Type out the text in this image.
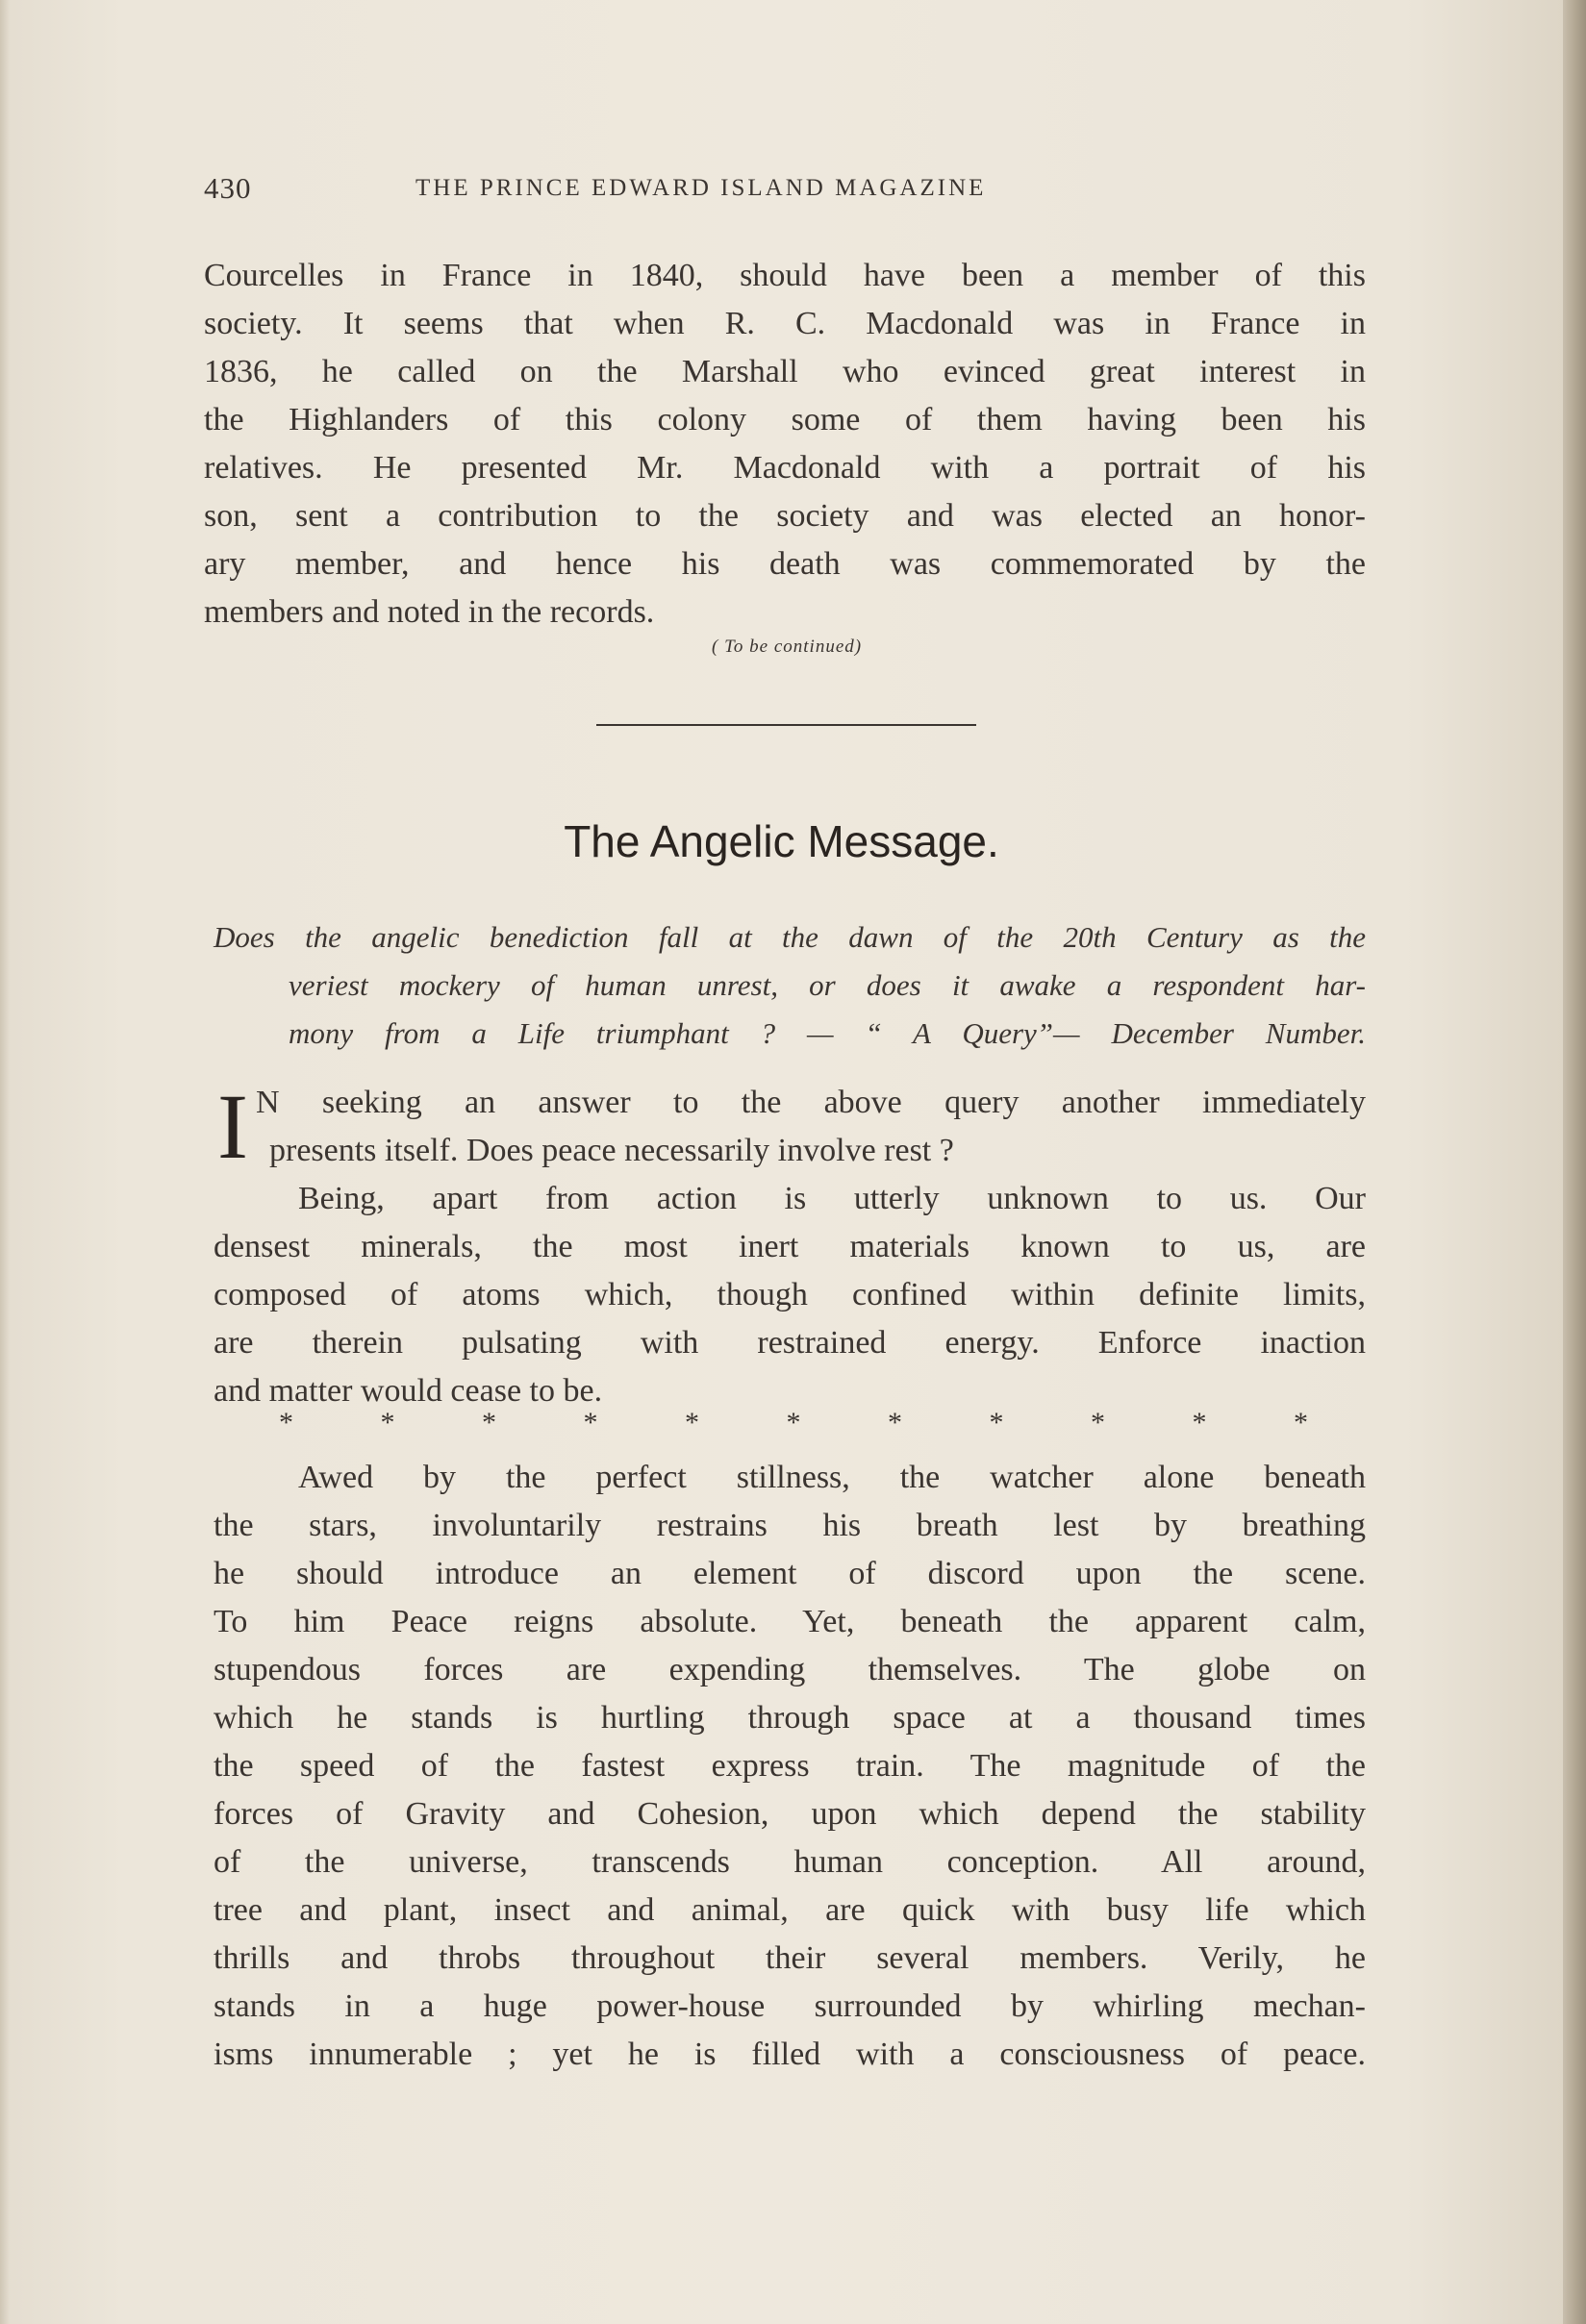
430	THE PRINCE EDWARD ISLAND MAGAZINE
Courcelles in France in 1840, should have been a member of this
society. It seems that when R. C. Macdonald was in France in
1836, he called on the Marshall who evinced great interest in
the Highlanders of this colony some of them having been his
relatives. He presented Mr. Macdonald with a portrait of his
son, sent a contribution to the society and was elected an honor-
ary member, and hence his death was commemorated by the
members and noted in the records.
( To be continued)
The Angelic Message.
Does the angelic benediction fall at the dawn of the 20th Century as the
veriest mockery of human unrest, or does it awake a respondent har-
mony from a Life triumphant ? — “ A Query”— December Number.
I N seeking an answer to the above query another immediately
presents itself. Does peace necessarily involve rest ?
Being, apart from action is utterly unknown to us. Our
densest minerals, the most inert materials known to us, are
composed of atoms which, though confined within definite limits,
are therein pulsating with restrained energy. Enforce inaction
and matter would cease to be.
*	*	*	*	*	*	*	*	*	*	*
Awed by the perfect stillness, the watcher alone beneath
the stars, involuntarily restrains his breath lest by breathing
he should introduce an element of discord upon the scene.
To him Peace reigns absolute. Yet, beneath the apparent calm,
stupendous forces are expending themselves. The globe on
which he stands is hurtling through space at a thousand times
the speed of the fastest express train. The magnitude of the
forces of Gravity and Cohesion, upon which depend the stability
of the universe, transcends human conception. All around,
tree and plant, insect and animal, are quick with busy life which
thrills and throbs throughout their several members. Verily, he
stands in a huge power-house surrounded by whirling mechan-
isms innumerable ; yet he is filled with a consciousness of peace.
